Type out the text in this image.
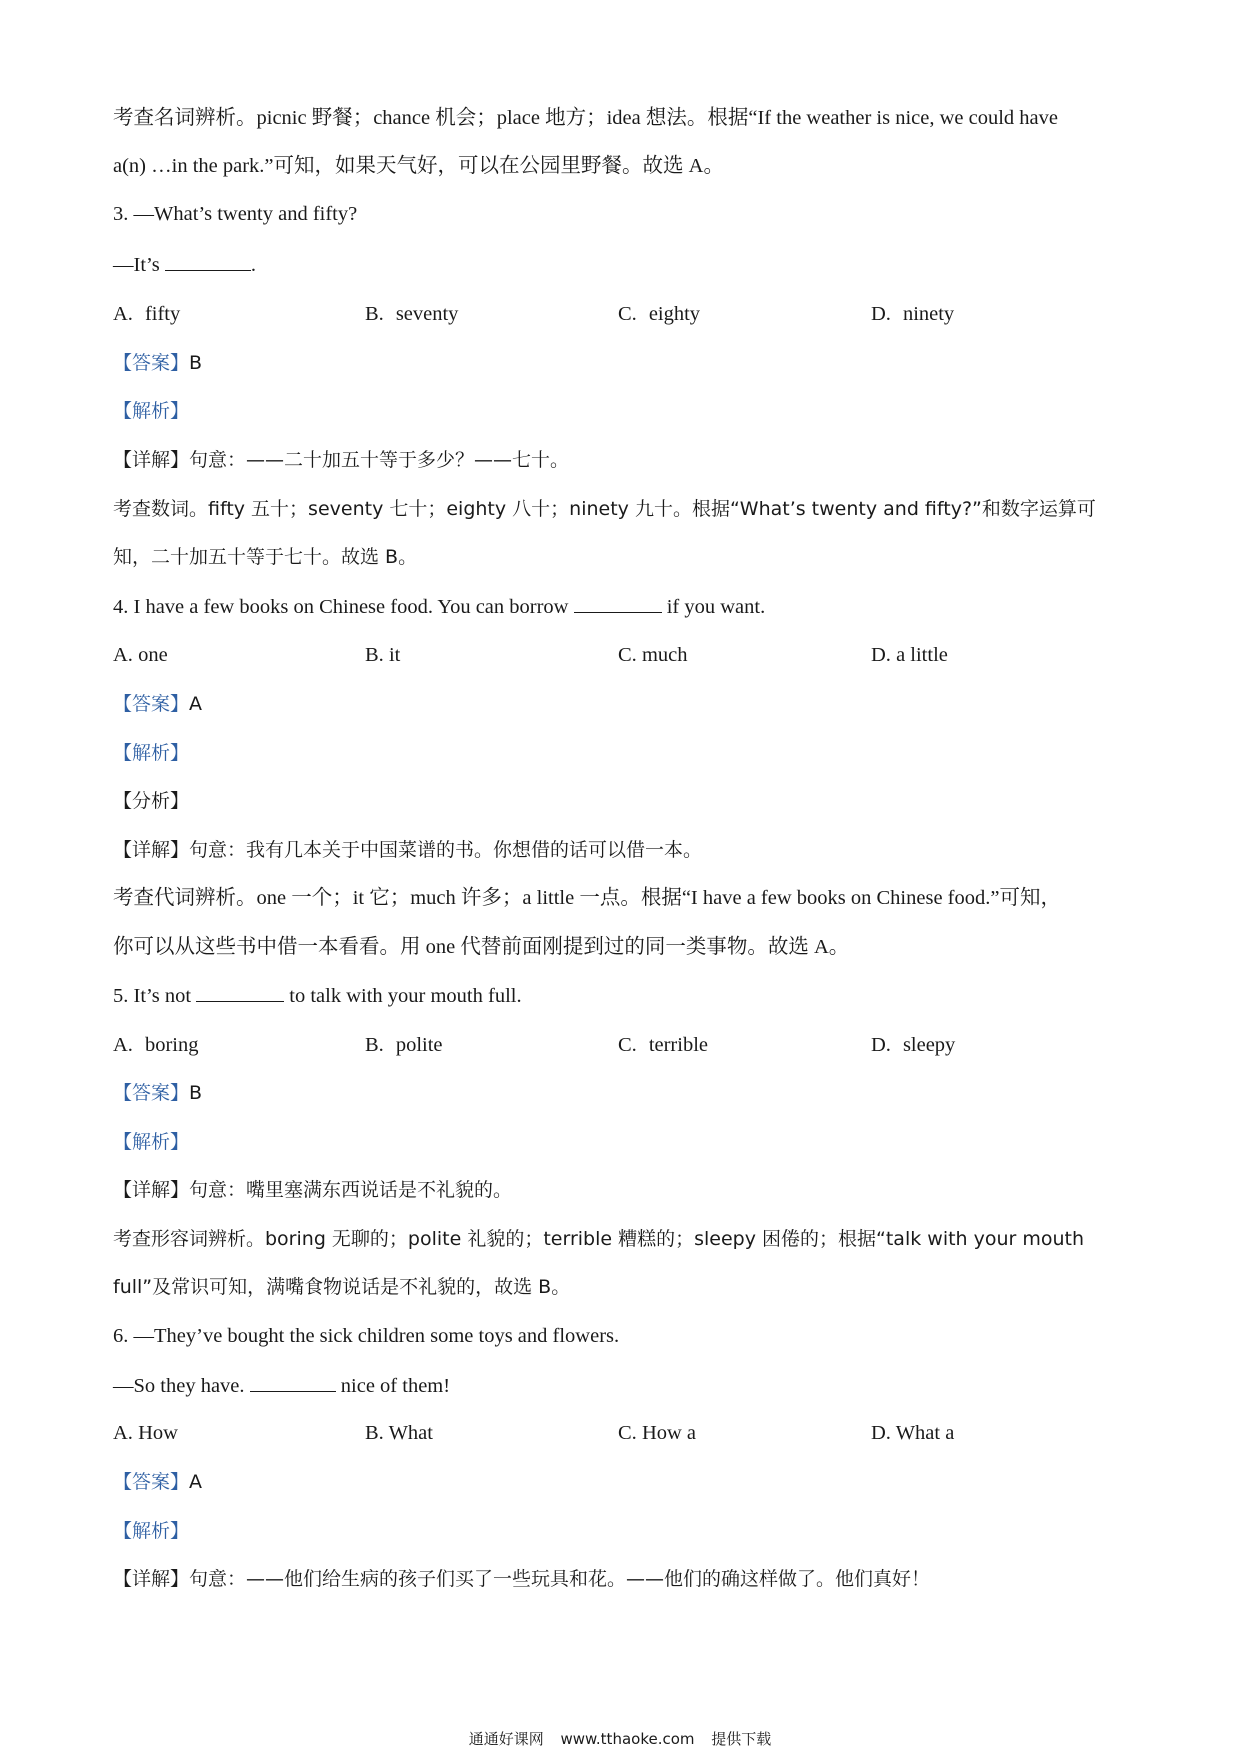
考查名词辨析。picnic 野餐；chance 机会；place 地方；idea 想法。根据“If the weather is nice, we could have
a(n) …in the park.”可知，如果天气好，可以在公园里野餐。故选 A。
3. —What’s twenty and fifty?
—It’s	.
A. fifty	B. seventy	C. eighty	D. ninety
【答案】B
【解析】
【详解】句意：——二十加五十等于多少？——七十。
考查数词。fifty 五十；seventy 七十；eighty 八十；ninety 九十。根据“What’s twenty and fifty?”和数字运算可
知，二十加五十等于七十。故选 B。
4. I have a few books on Chinese food. You can borrow	if you want.
A. one	B. it	C. much	D. a little
【答案】A
【解析】
【分析】
【详解】句意：我有几本关于中国菜谱的书。你想借的话可以借一本。
考查代词辨析。one 一个；it 它；much 许多；a little 一点。根据“I have a few books on Chinese food.”可知，
你可以从这些书中借一本看看。用 one 代替前面刚提到过的同一类事物。故选 A。
5. It’s not	to talk with your mouth full.
A. boring	B. polite	C. terrible	D. sleepy
【答案】B
【解析】
【详解】句意：嘴里塞满东西说话是不礼貌的。
考查形容词辨析。boring 无聊的；polite 礼貌的；terrible 糟糕的；sleepy 困倦的；根据“talk with your mouth
full”及常识可知，满嘴食物说话是不礼貌的，故选 B。
6. —They’ve bought the sick children some toys and flowers.
—So they have.	nice of them!
A. How	B. What	C. How a	D. What a
【答案】A
【解析】
【详解】句意：——他们给生病的孩子们买了一些玩具和花。——他们的确这样做了。他们真好！
通通好课网 www.tthaoke.com 提供下载
